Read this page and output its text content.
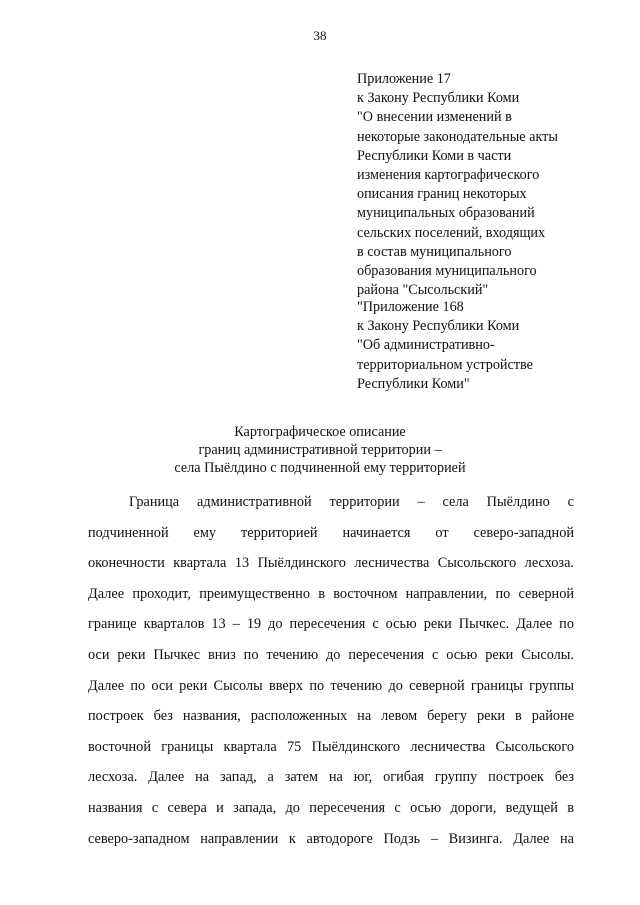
38
Приложение 17
к Закону Республики Коми
"О внесении изменений в
некоторые законодательные акты
Республики Коми в части
изменения картографического
описания границ некоторых
муниципальных образований
сельских поселений, входящих
в состав муниципального
образования муниципального
района "Сысольский"
"Приложение 168
к Закону Республики Коми
"Об административно-
территориальном устройстве
Республики Коми"
Картографическое описание
границ административной территории –
села Пыёлдино с подчиненной ему территорией
Граница административной территории – села Пыёлдино с
подчиненной ему территорией начинается от северо-западной
оконечности квартала 13 Пыёлдинского лесничества Сысольского лесхоза.
Далее проходит, преимущественно в восточном направлении, по северной
границе кварталов 13 – 19 до пересечения с осью реки Пычкес. Далее по
оси реки Пычкес вниз по течению до пересечения с осью реки Сысолы.
Далее по оси реки Сысолы вверх по течению до северной границы группы
построек без названия, расположенных на левом берегу реки в районе
восточной границы квартала 75 Пыёлдинского лесничества Сысольского
лесхоза. Далее на запад, а затем на юг, огибая группу построек без
названия с севера и запада, до пересечения с осью дороги, ведущей в
северо-западном направлении к автодороге Подзь – Визинга. Далее на
